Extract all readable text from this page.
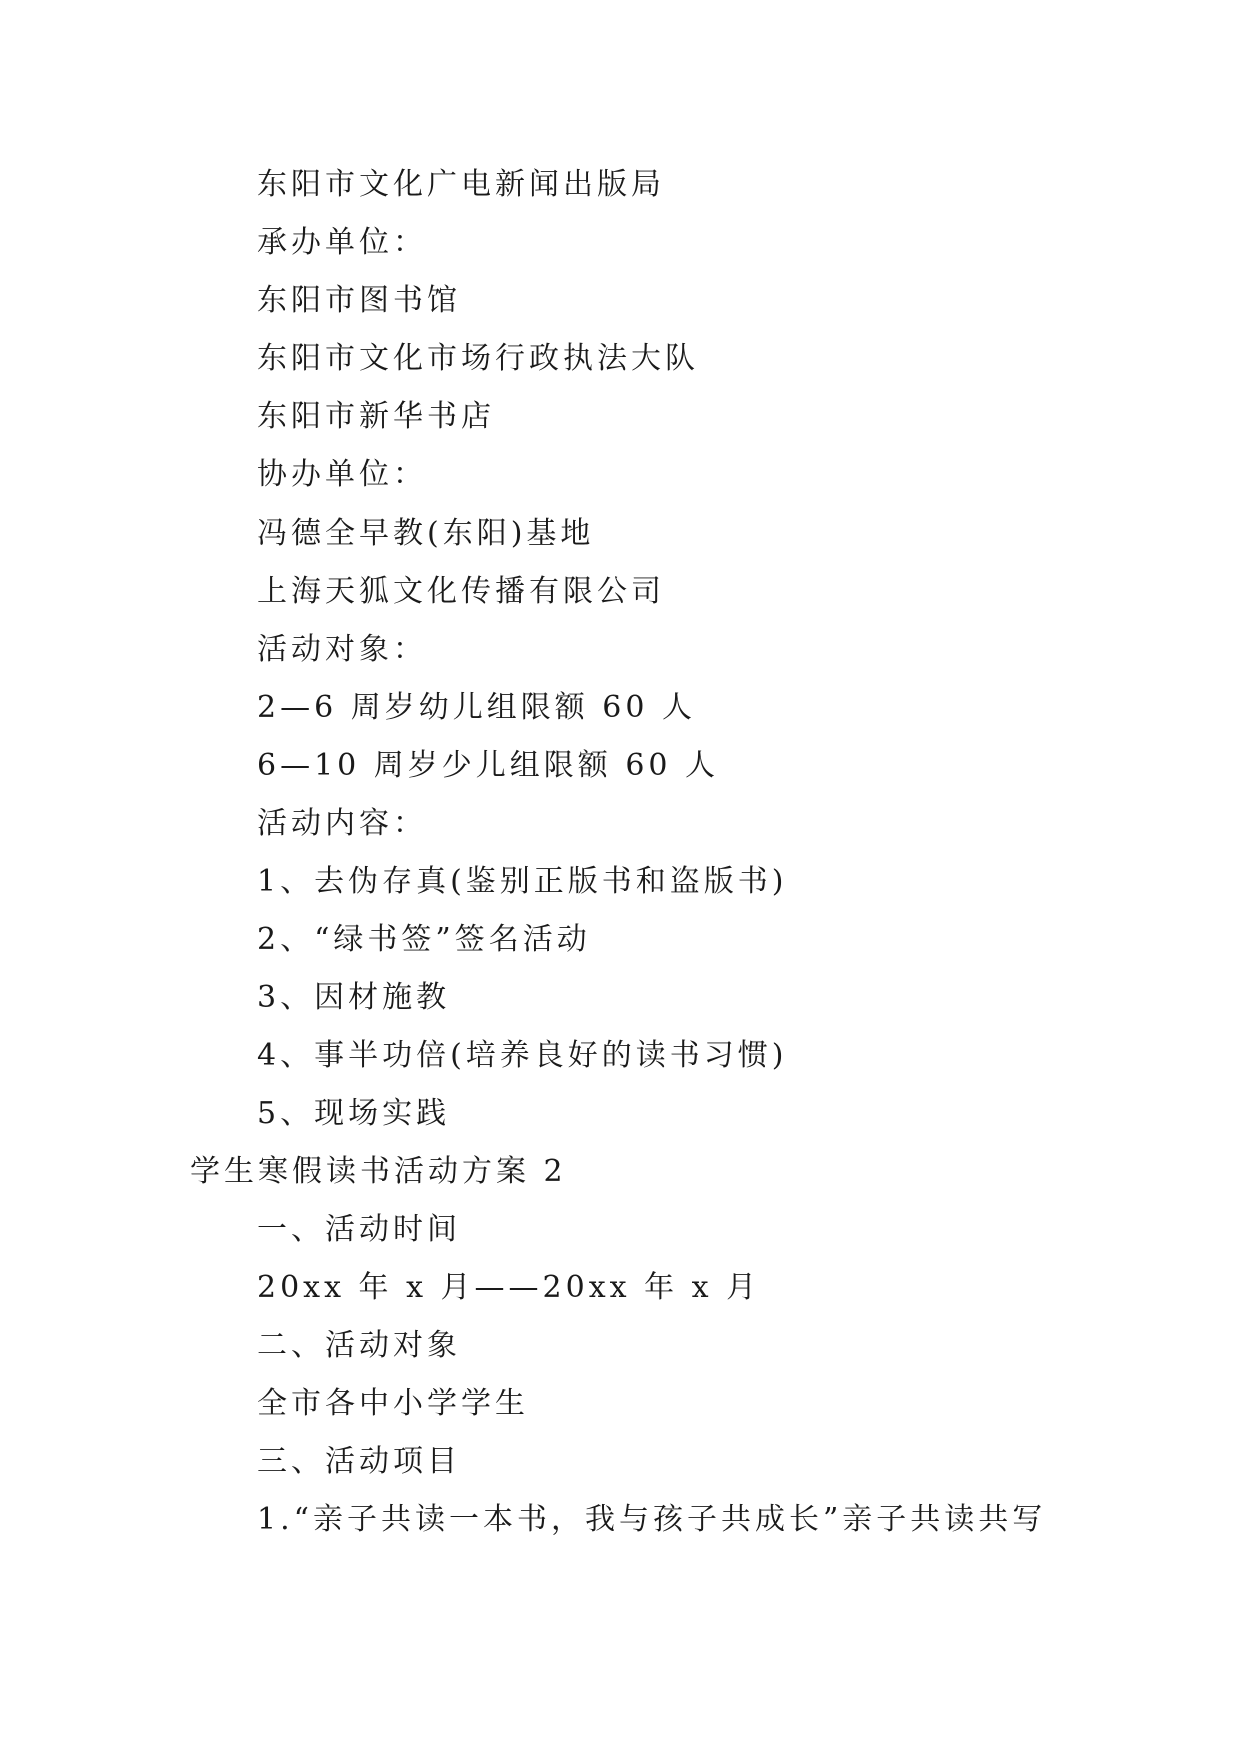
东阳市文化广电新闻出版局
承办单位：
东阳市图书馆
东阳市文化市场行政执法大队
东阳市新华书店
协办单位：
冯德全早教(东阳)基地
上海天狐文化传播有限公司
活动对象：
2—6 周岁幼儿组限额 60 人
6—10 周岁少儿组限额 60 人
活动内容：
1、去伪存真(鉴别正版书和盗版书)
2、“绿书签”签名活动
3、因材施教
4、事半功倍(培养良好的读书习惯)
5、现场实践
学生寒假读书活动方案 2
一、活动时间
20xx 年 x 月——20xx 年 x 月
二、活动对象
全市各中小学学生
三、活动项目
1.“亲子共读一本书，我与孩子共成长”亲子共读共写
